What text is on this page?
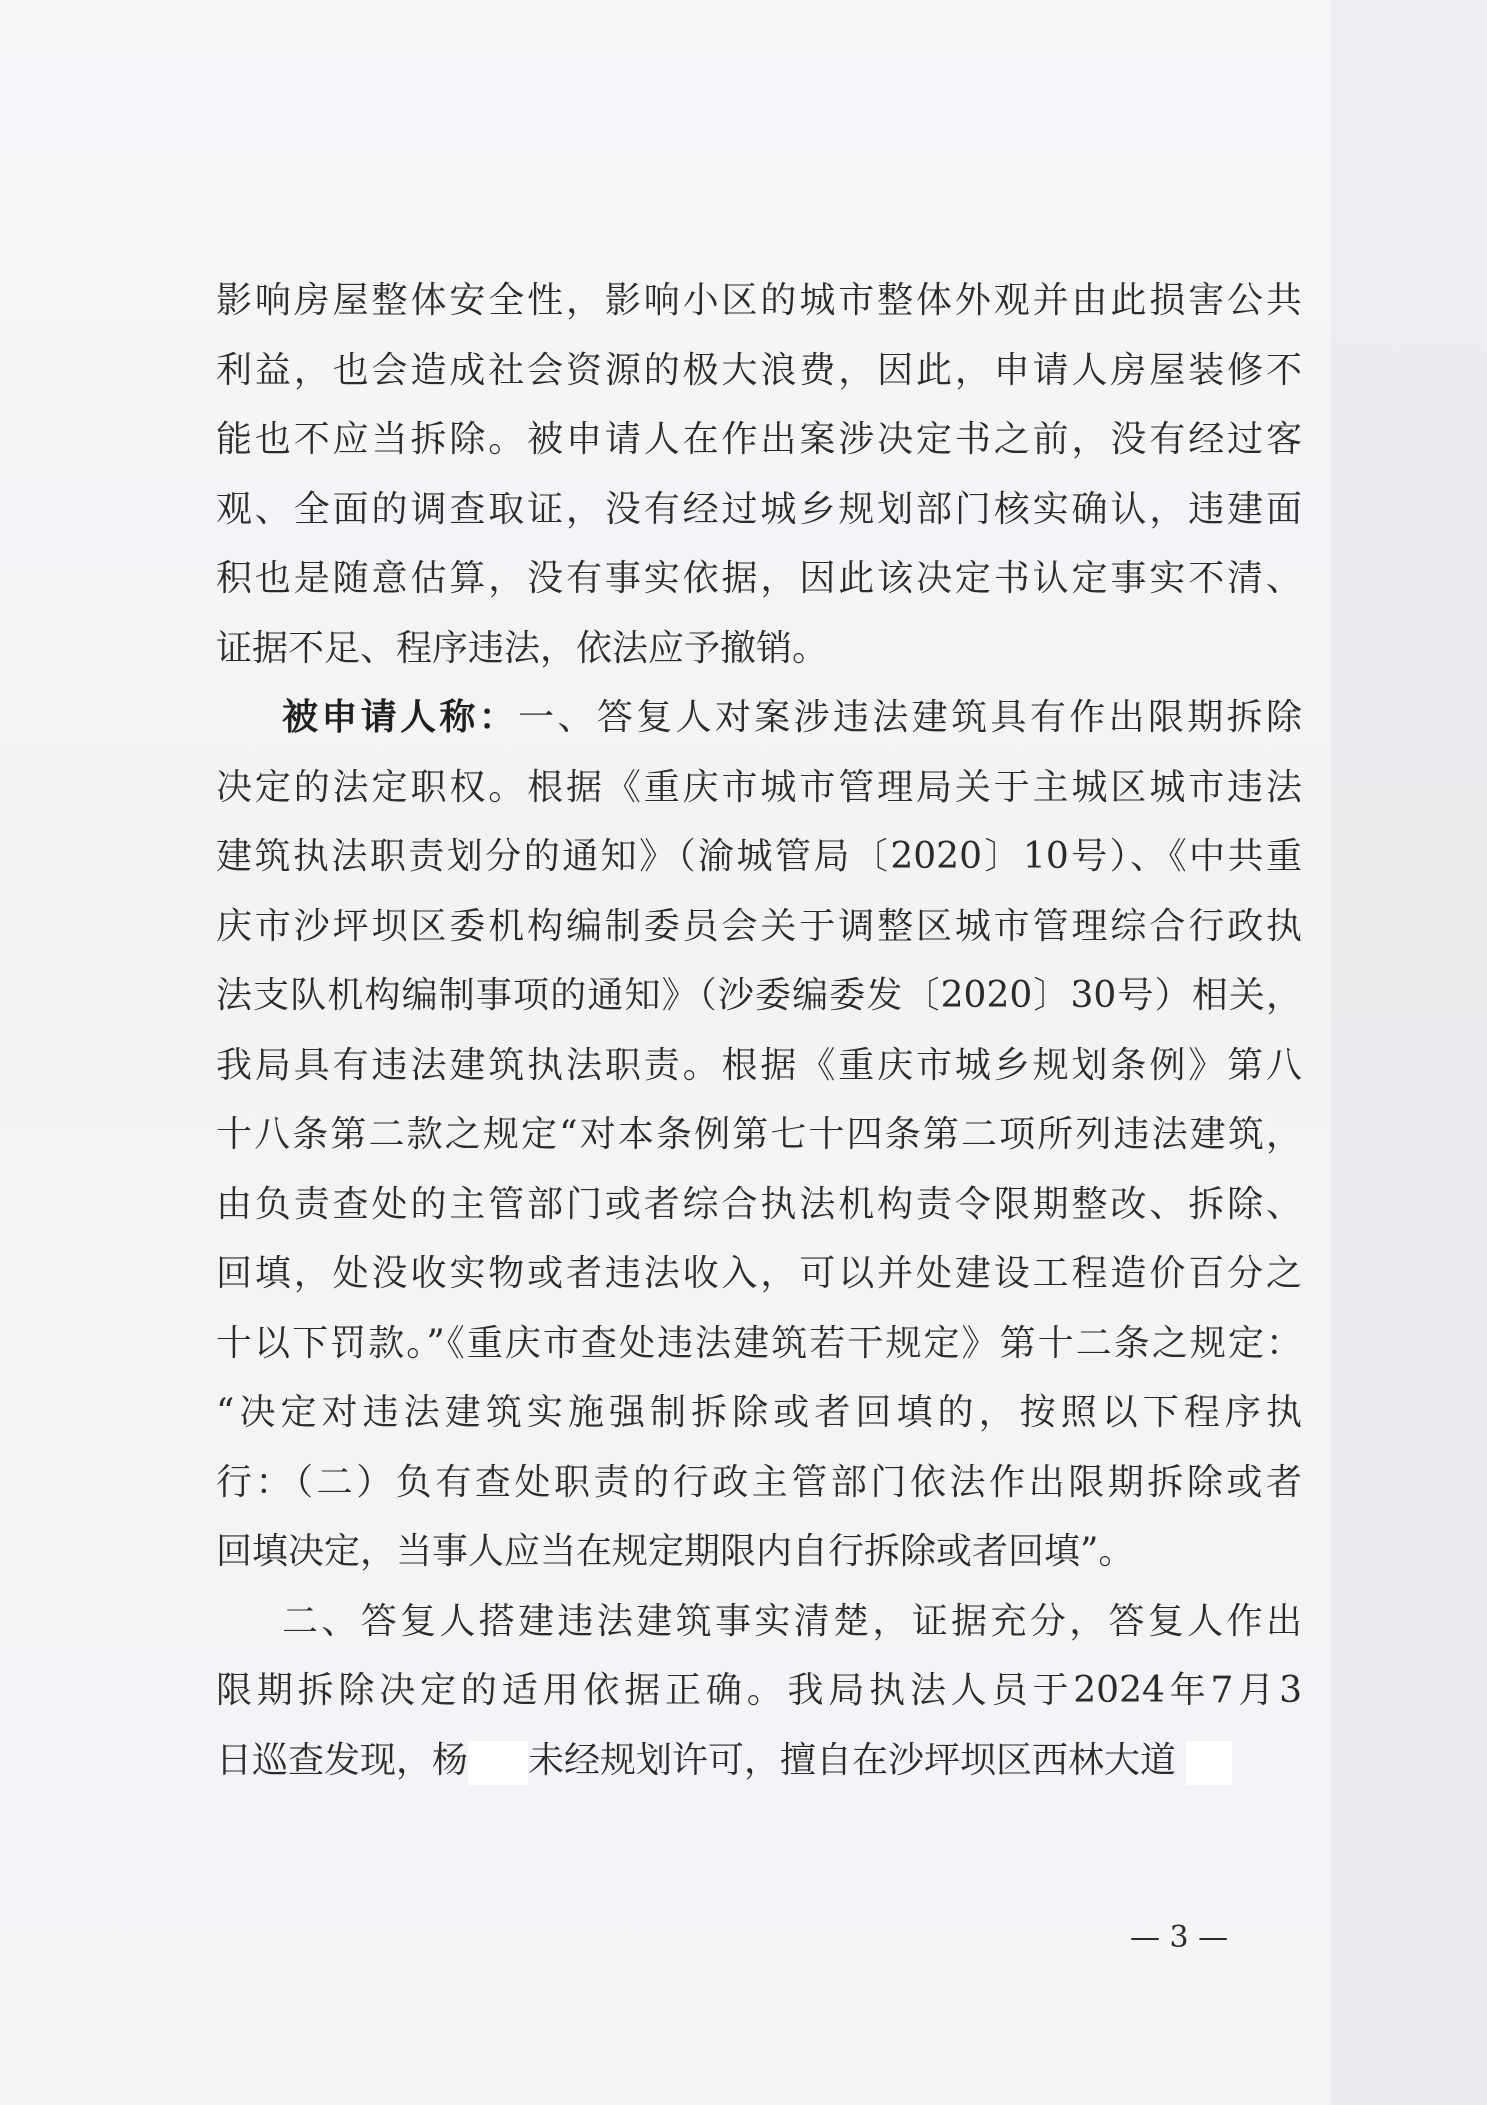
影响房屋整体安全性，影响小区的城市整体外观并由此损害公共
利益，也会造成社会资源的极大浪费，因此，申请人房屋装修不
能也不应当拆除。被申请人在作出案涉决定书之前，没有经过客
观、全面的调查取证，没有经过城乡规划部门核实确认，违建面
积也是随意估算，没有事实依据，因此该决定书认定事实不清、
证据不足、程序违法，依法应予撤销。
被申请人称：一、答复人对案涉违法建筑具有作出限期拆除
决定的法定职权。根据《重庆市城市管理局关于主城区城市违法
建筑执法职责划分的通知》（渝城管局〔2020〕10号）、《中共重
庆市沙坪坝区委机构编制委员会关于调整区城市管理综合行政执
法支队机构编制事项的通知》（沙委编委发〔2020〕30号）相关，
我局具有违法建筑执法职责。根据《重庆市城乡规划条例》第八
十八条第二款之规定“对本条例第七十四条第二项所列违法建筑，
由负责查处的主管部门或者综合执法机构责令限期整改、拆除、
回填，处没收实物或者违法收入，可以并处建设工程造价百分之
十以下罚款。”《重庆市查处违法建筑若干规定》第十二条之规定：
“决定对违法建筑实施强制拆除或者回填的，按照以下程序执
行：（二）负有查处职责的行政主管部门依法作出限期拆除或者
回填决定，当事人应当在规定期限内自行拆除或者回填”。
二、答复人搭建违法建筑事实清楚，证据充分，答复人作出
限期拆除决定的适用依据正确。我局执法人员于2024年7月3
日巡查发现，杨 未经规划许可，擅自在沙坪坝区西林大道
— 3 —
